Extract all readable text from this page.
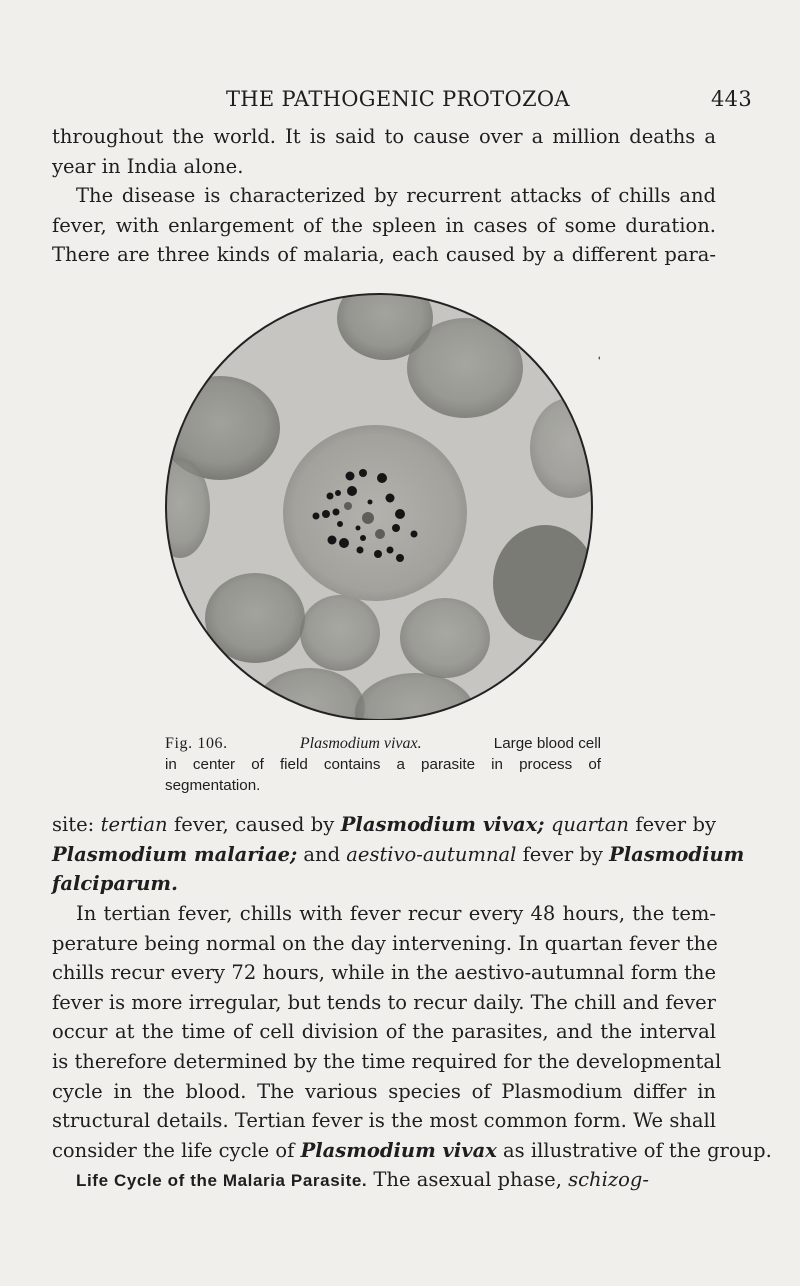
THE PATHOGENIC PROTOZOA	443
throughout the world. It is said to cause over a million deaths a
year in India alone.
The disease is characterized by recurrent attacks of chills and
fever, with enlargement of the spleen in cases of some duration.
There are three kinds of malaria, each caused by a different para-
Fig. 106.	Plasmodium vivax.	Large blood cell
in center of field contains a parasite in process of
segmentation.
site: tertian fever, caused by Plasmodium vivax; quartan fever by
Plasmodium malariae; and aestivo-autumnal fever by Plasmodium
falciparum.
In tertian fever, chills with fever recur every 48 hours, the tem-
perature being normal on the day intervening. In quartan fever the
chills recur every 72 hours, while in the aestivo-autumnal form the
fever is more irregular, but tends to recur daily. The chill and fever
occur at the time of cell division of the parasites, and the interval
is therefore determined by the time required for the developmental
cycle in the blood. The various species of Plasmodium differ in
structural details. Tertian fever is the most common form. We shall
consider the life cycle of Plasmodium vivax as illustrative of the group.
Life Cycle of the Malaria Parasite. The asexual phase, schizog-
